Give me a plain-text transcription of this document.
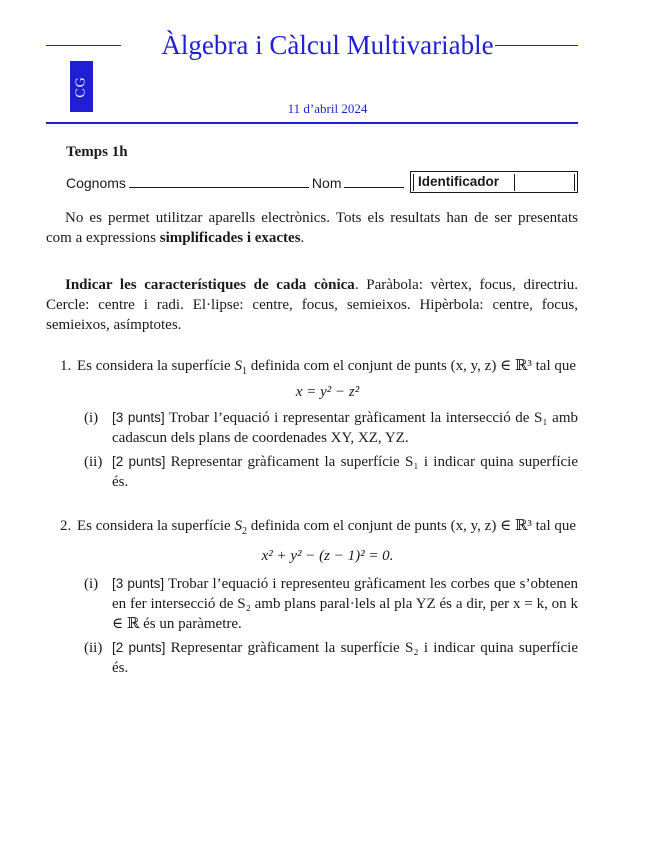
Àlgebra i Càlcul Multivariable
CG
11 d’abril 2024
Temps 1h
Cognoms	Nom	Identificador
No es permet utilitzar aparells electrònics. Tots els resultats han de ser presentats com a expressions simplificades i exactes.
Indicar les característiques de cada cònica. Paràbola: vèrtex, focus, directriu. Cercle: centre i radi. El·lipse: centre, focus, semieixos. Hipèrbola: centre, focus, semieixos, asímptotes.
1. Es considera la superfície $S_1$ definida com el conjunt de punts (x, y, z) ∈ ℝ³ tal que

x = y² − z²

(i) [3 punts] Trobar l’equació i representar gràficament la intersecció de S₁ amb cadascun dels plans de coordenades XY, XZ, YZ.
(ii) [2 punts] Representar gràficament la superfície S₁ i indicar quina superfície és.
2. Es considera la superfície $S_2$ definida com el conjunt de punts (x, y, z) ∈ ℝ³ tal que

x² + y² − (z − 1)² = 0.

(i) [3 punts] Trobar l’equació i representeu gràficament les corbes que s’obtenen en fer intersecció de S₂ amb plans paral·lels al pla YZ és a dir, per x = k, on k ∈ ℝ és un paràmetre.
(ii) [2 punts] Representar gràficament la superfície S₂ i indicar quina superfície és.
